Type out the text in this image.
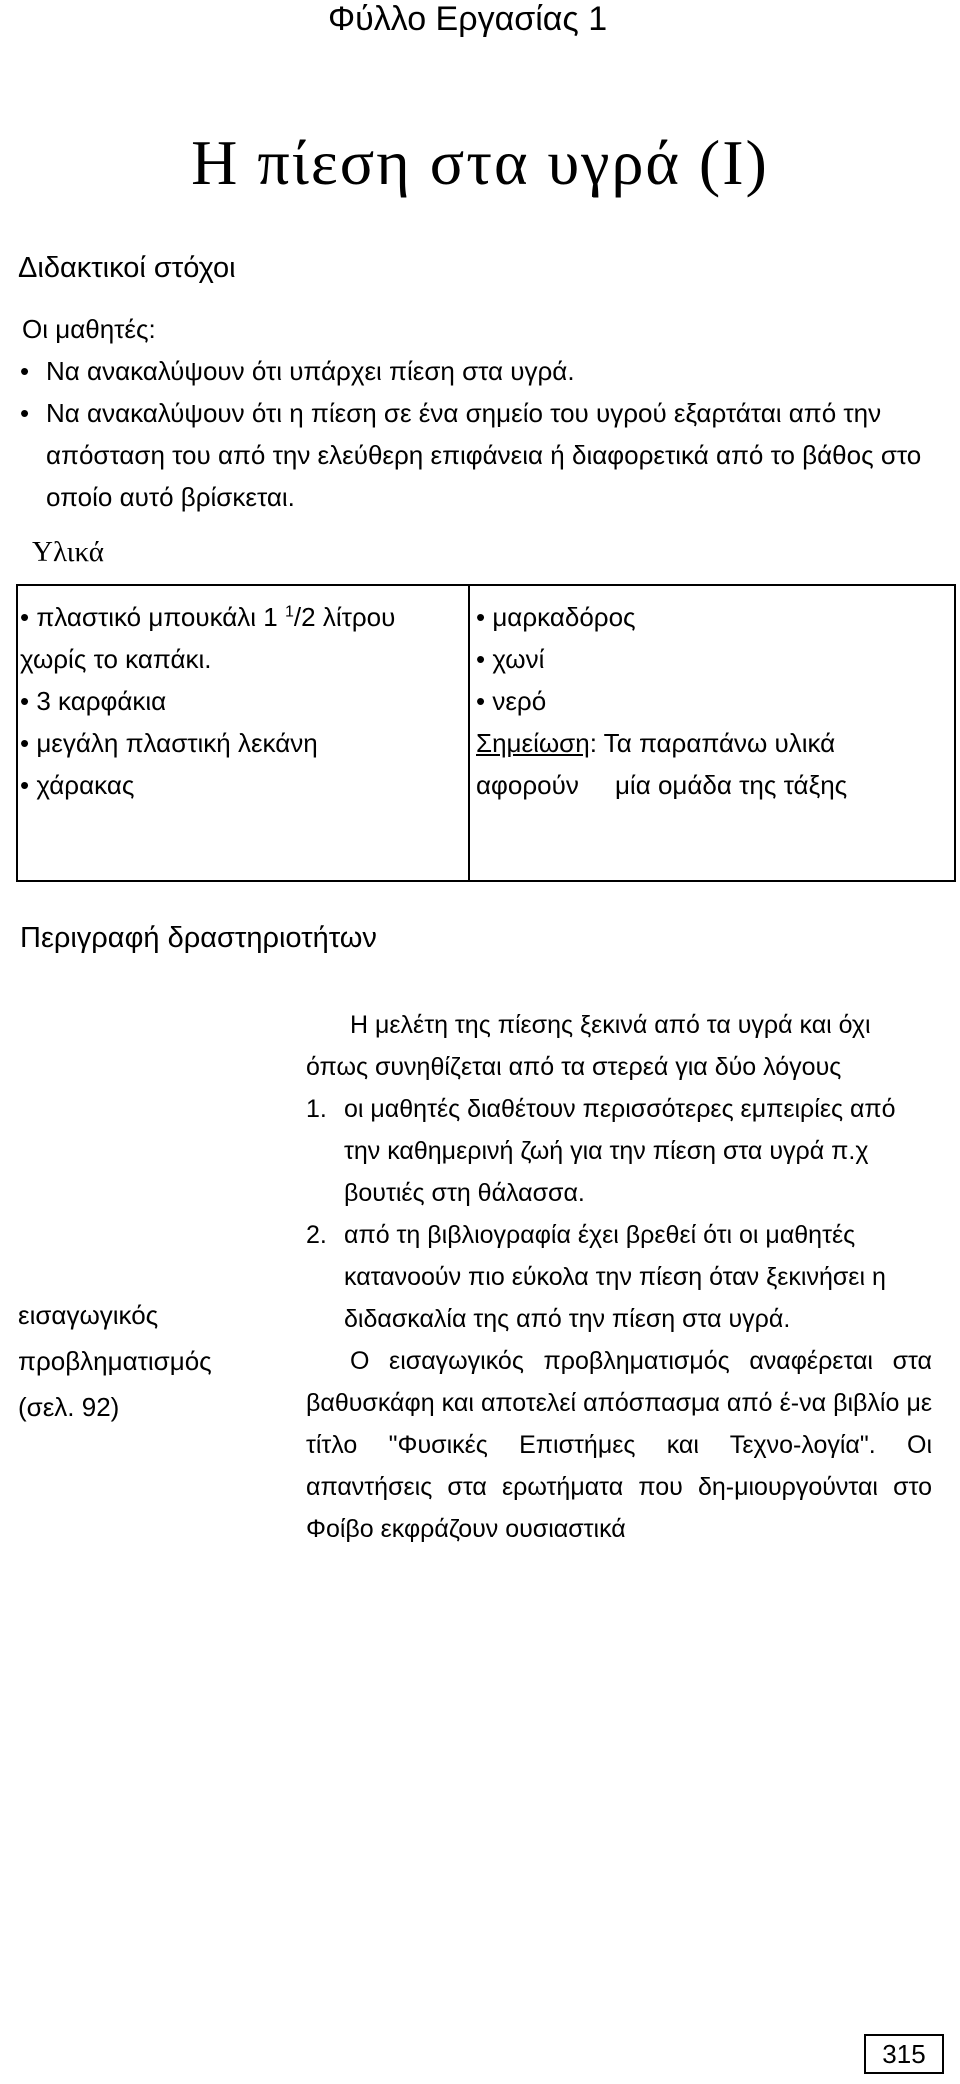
Φύλλο Εργασίας 1
Η πίεση στα υγρά (Ι)
Διδακτικοί στόχοι
Οι μαθητές:
• Να ανακαλύψουν ότι υπάρχει πίεση στα υγρά.
• Να ανακαλύψουν ότι η πίεση σε ένα σημείο του υγρού εξαρτάται από την απόσταση του από την ελεύθερη επιφάνεια ή διαφορετικά από το βάθος στο οποίο αυτό βρίσκεται.
Υλικά
• πλαστικό μπουκάλι 1 $^1$/2 λίτρου
χωρίς το καπάκι.
• 3 καρφάκια
• μεγάλη πλαστική λεκάνη
• χάρακας
• μαρκαδόρος
• χωνί
• νερό
Σημείωση: Τα παραπάνω υλικά
αφορούν     μία ομάδα της τάξης
Περιγραφή δραστηριοτήτων
εισαγωγικός
προβληματισμός
(σελ. 92)

Η μελέτη της πίεσης ξεκινά από τα υγρά και όχι όπως συνηθίζεται από τα στερεά για δύο λόγους

1. οι μαθητές διαθέτουν περισσότερες εμπειρίες από την καθημερινή ζωή για την πίεση στα υγρά π.χ βουτιές στη θάλασσα.
2. από τη βιβλιογραφία έχει βρεθεί ότι οι μαθητές κατανοούν πιο εύκολα την πίεση όταν ξεκινήσει η διδασκαλία της από την πίεση στα υγρά.

Ο εισαγωγικός προβληματισμός αναφέρεται στα βαθυσκάφη και αποτελεί απόσπασμα από έ-να βιβλίο με τίτλο "Φυσικές Επιστήμες και Τεχνο-λογία". Οι απαντήσεις στα ερωτήματα που δη-μιουργούνται στο Φοίβο εκφράζουν ουσιαστικά

315
